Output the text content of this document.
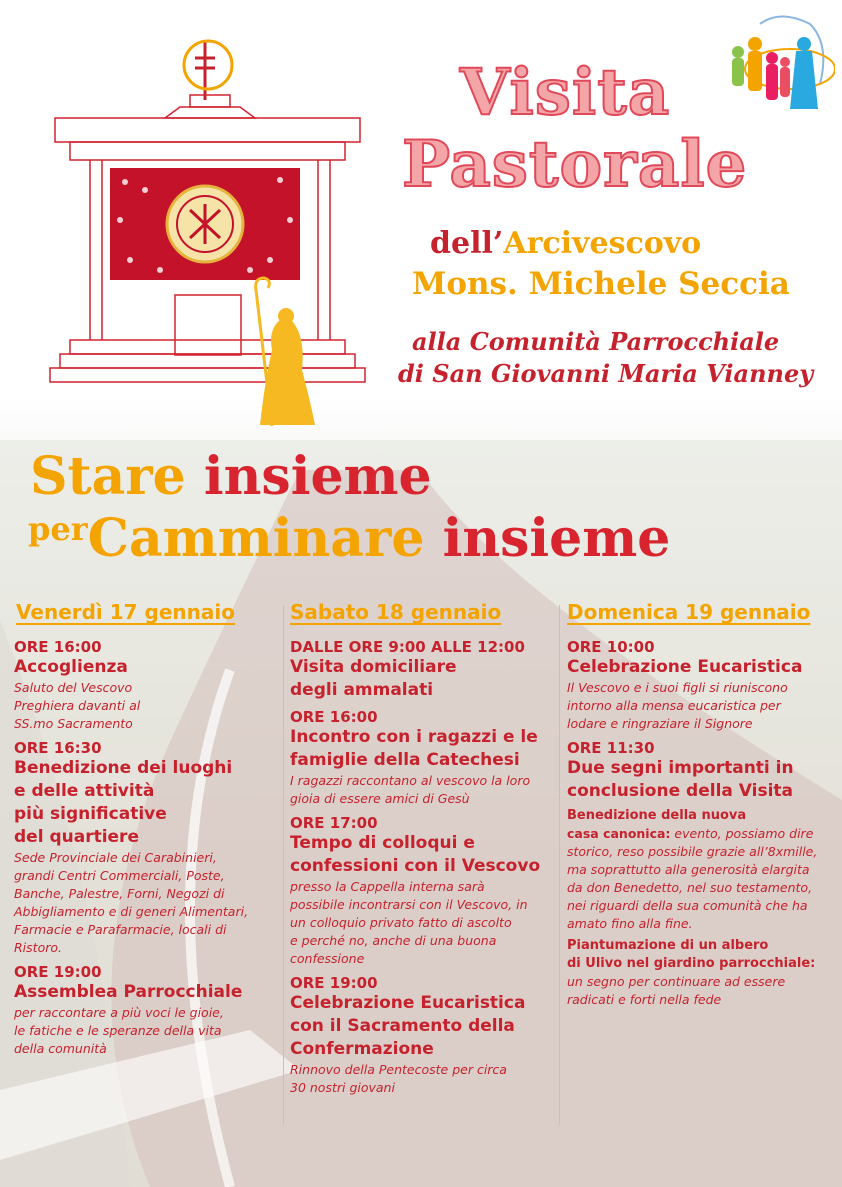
Visita
Pastorale
dell’Arcivescovo
Mons. Michele Seccia
alla Comunità Parrocchiale
di San Giovanni Maria Vianney
Stare insieme
$^{per}$Camminare insieme
Venerdì 17 gennaio
ORE 16:00
Accoglienza
Saluto del Vescovo
Preghiera davanti al
SS.mo Sacramento
ORE 16:30
Benedizione dei luoghi
e delle attività
più significative
del quartiere
Sede Provinciale dei Carabinieri,
grandi Centri Commerciali, Poste,
Banche, Palestre, Forni, Negozi di
Abbigliamento e di generi Alimentari,
Farmacie e Parafarmacie, locali di
Ristoro.
ORE 19:00
Assemblea Parrocchiale
per raccontare a più voci le gioie,
le fatiche e le speranze della vita
della comunità
Sabato 18 gennaio
DALLE ORE 9:00 ALLE 12:00
Visita domiciliare
degli ammalati
ORE 16:00
Incontro con i ragazzi e le
famiglie della Catechesi
I ragazzi raccontano al vescovo la loro
gioia di essere amici di Gesù
ORE 17:00
Tempo di colloqui e
confessioni con il Vescovo
presso la Cappella interna sarà
possibile incontrarsi con il Vescovo, in
un colloquio privato fatto di ascolto
e perché no, anche di una buona
confessione
ORE 19:00
Celebrazione Eucaristica
con il Sacramento della
Confermazione
Rinnovo della Pentecoste per circa
30 nostri giovani
Domenica 19 gennaio
ORE 10:00
Celebrazione Eucaristica
Il Vescovo e i suoi figli si riuniscono
intorno alla mensa eucaristica per
lodare e ringraziare il Signore
ORE 11:30
Due segni importanti in
conclusione della Visita
Benedizione della nuova
casa canonica: evento, possiamo dire
storico, reso possibile grazie all’8xmille,
ma soprattutto alla generosità elargita
da don Benedetto, nel suo testamento,
nei riguardi della sua comunità che ha
amato fino alla fine.
Piantumazione di un albero
di Ulivo nel giardino parrocchiale:
un segno per continuare ad essere
radicati e forti nella fede
